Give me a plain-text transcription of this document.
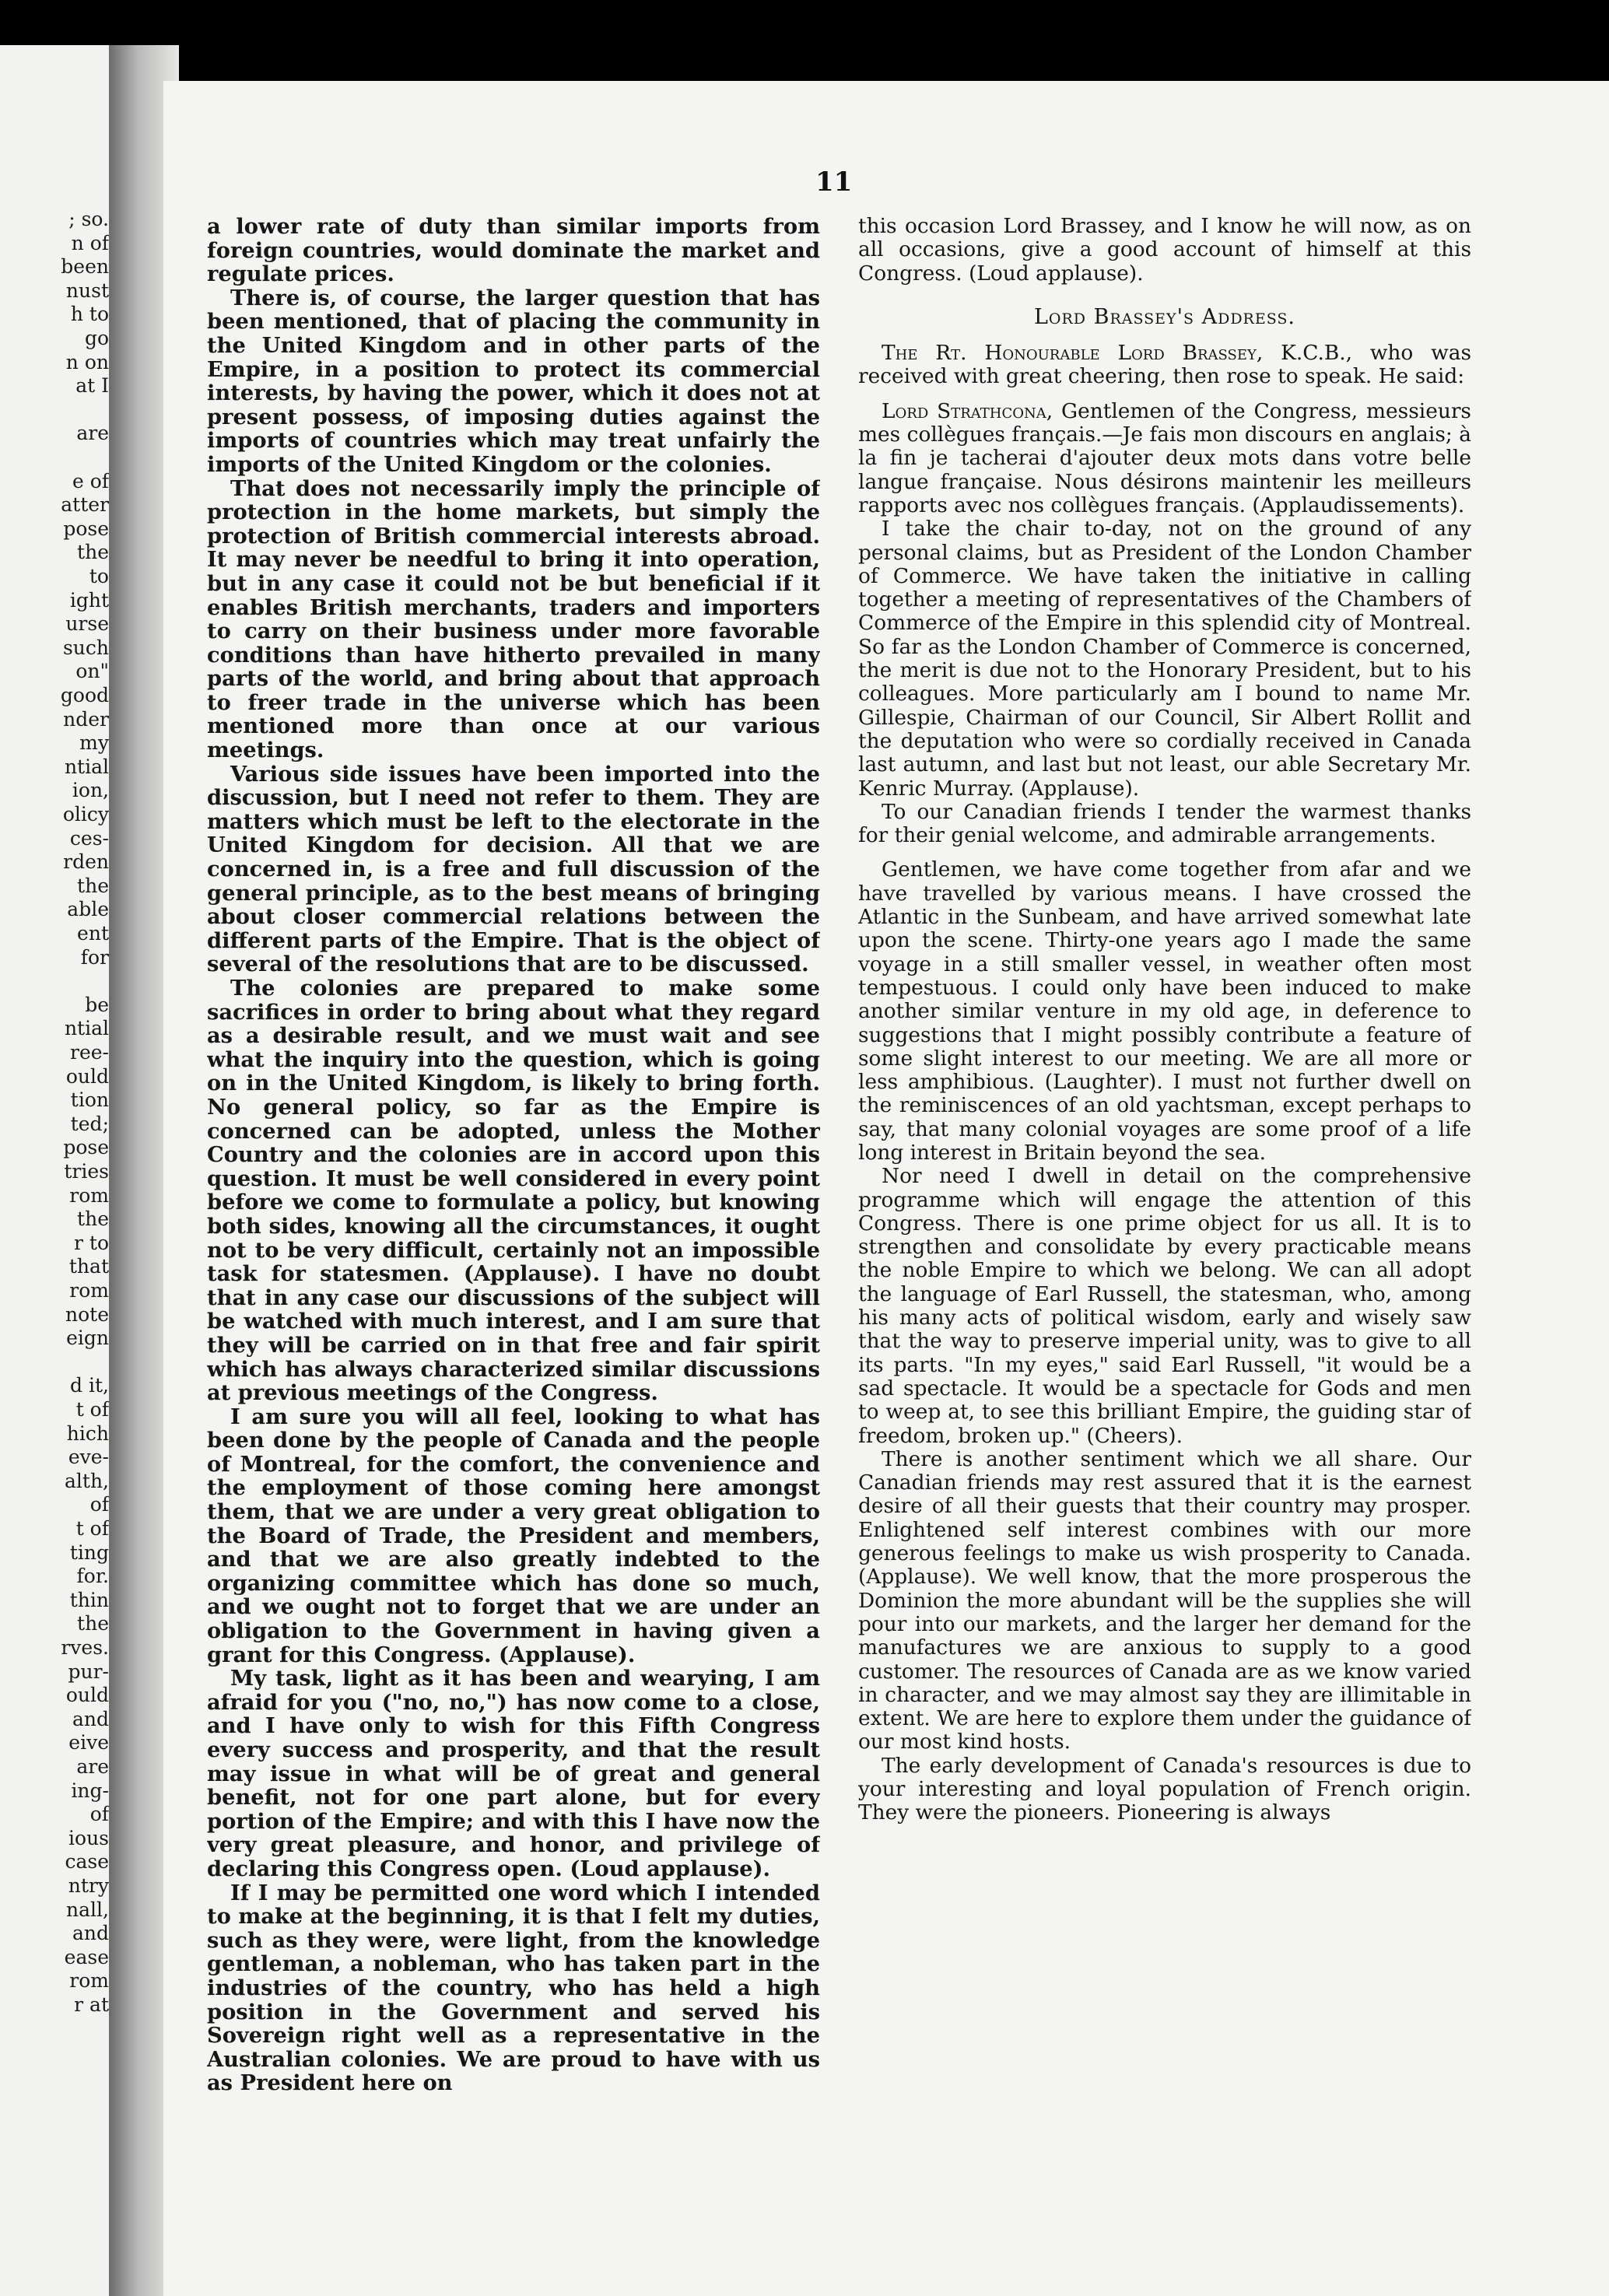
; so.
n of
been
nust
h to
go
n on
at I
are
e of
atter
pose
the
to
ight
urse
such
on"
good
nder
my
ntial
ion,
olicy
ces-
rden
the
able
ent
for
be
ntial
ree-
ould
tion
ted;
pose
tries
rom
the
r to
that
rom
note
eign
d it,
t of
hich
eve-
alth,
of
t of
ting
for.
thin
the
rves.
pur-
ould
and
eive
are
ing-
of
ious
case
ntry
nall,
and
ease
rom
r at
11

a lower rate of duty than similar imports from foreign countries, would dominate the market and regulate prices.

There is, of course, the larger question that has been mentioned, that of placing the community in the United Kingdom and in other parts of the Empire, in a position to protect its commercial interests, by having the power, which it does not at present possess, of imposing duties against the imports of countries which may treat unfairly the imports of the United Kingdom or the colonies.

That does not necessarily imply the principle of protection in the home markets, but simply the protection of British commercial interests abroad. It may never be needful to bring it into operation, but in any case it could not be but beneficial if it enables British merchants, traders and importers to carry on their business under more favorable conditions than have hitherto prevailed in many parts of the world, and bring about that approach to freer trade in the universe which has been mentioned more than once at our various meetings.

Various side issues have been imported into the discussion, but I need not refer to them. They are matters which must be left to the electorate in the United Kingdom for decision. All that we are concerned in, is a free and full discussion of the general principle, as to the best means of bringing about closer commercial relations between the different parts of the Empire. That is the object of several of the resolutions that are to be discussed.

The colonies are prepared to make some sacrifices in order to bring about what they regard as a desirable result, and we must wait and see what the inquiry into the question, which is going on in the United Kingdom, is likely to bring forth. No general policy, so far as the Empire is concerned can be adopted, unless the Mother Country and the colonies are in accord upon this question. It must be well considered in every point before we come to formulate a policy, but knowing both sides, knowing all the circumstances, it ought not to be very difficult, certainly not an impossible task for statesmen. (Applause). I have no doubt that in any case our discussions of the subject will be watched with much interest, and I am sure that they will be carried on in that free and fair spirit which has always characterized similar discussions at previous meetings of the Congress.

I am sure you will all feel, looking to what has been done by the people of Canada and the people of Montreal, for the comfort, the convenience and the employment of those coming here amongst them, that we are under a very great obligation to the Board of Trade, the President and members, and that we are also greatly indebted to the organizing committee which has done so much, and we ought not to forget that we are under an obligation to the Government in having given a grant for this Congress. (Applause).

My task, light as it has been and wearying, I am afraid for you ("no, no,") has now come to a close, and I have only to wish for this Fifth Congress every success and prosperity, and that the result may issue in what will be of great and general benefit, not for one part alone, but for every portion of the Empire; and with this I have now the very great pleasure, and honor, and privilege of declaring this Congress open. (Loud applause).

If I may be permitted one word which I intended to make at the beginning, it is that I felt my duties, such as they were, were light, from the knowledge gentleman, a nobleman, who has taken part in the industries of the country, who has held a high position in the Government and served his Sovereign right well as a representative in the Australian colonies. We are proud to have with us as President here on

this occasion Lord Brassey, and I know he will now, as on all occasions, give a good account of himself at this Congress. (Loud applause).

Lord Brassey's Address.

The Rt. Honourable Lord Brassey, K.C.B., who was received with great cheering, then rose to speak. He said:

Lord Strathcona, Gentlemen of the Congress, messieurs mes collègues français.—Je fais mon discours en anglais; à la fin je tacherai d'ajouter deux mots dans votre belle langue française. Nous désirons maintenir les meilleurs rapports avec nos collègues français. (Applaudissements).

I take the chair to-day, not on the ground of any personal claims, but as President of the London Chamber of Commerce. We have taken the initiative in calling together a meeting of representatives of the Chambers of Commerce of the Empire in this splendid city of Montreal. So far as the London Chamber of Commerce is concerned, the merit is due not to the Honorary President, but to his colleagues. More particularly am I bound to name Mr. Gillespie, Chairman of our Council, Sir Albert Rollit and the deputation who were so cordially received in Canada last autumn, and last but not least, our able Secretary Mr. Kenric Murray. (Applause).

To our Canadian friends I tender the warmest thanks for their genial welcome, and admirable arrangements.

Gentlemen, we have come together from afar and we have travelled by various means. I have crossed the Atlantic in the Sunbeam, and have arrived somewhat late upon the scene. Thirty-one years ago I made the same voyage in a still smaller vessel, in weather often most tempestuous. I could only have been induced to make another similar venture in my old age, in deference to suggestions that I might possibly contribute a feature of some slight interest to our meeting. We are all more or less amphibious. (Laughter). I must not further dwell on the reminiscences of an old yachtsman, except perhaps to say, that many colonial voyages are some proof of a life long interest in Britain beyond the sea.

Nor need I dwell in detail on the comprehensive programme which will engage the attention of this Congress. There is one prime object for us all. It is to strengthen and consolidate by every practicable means the noble Empire to which we belong. We can all adopt the language of Earl Russell, the statesman, who, among his many acts of political wisdom, early and wisely saw that the way to preserve imperial unity, was to give to all its parts. "In my eyes," said Earl Russell, "it would be a sad spectacle. It would be a spectacle for Gods and men to weep at, to see this brilliant Empire, the guiding star of freedom, broken up." (Cheers).

There is another sentiment which we all share. Our Canadian friends may rest assured that it is the earnest desire of all their guests that their country may prosper. Enlightened self interest combines with our more generous feelings to make us wish prosperity to Canada. (Applause). We well know, that the more prosperous the Dominion the more abundant will be the supplies she will pour into our markets, and the larger her demand for the manufactures we are anxious to supply to a good customer. The resources of Canada are as we know varied in character, and we may almost say they are illimitable in extent. We are here to explore them under the guidance of our most kind hosts.

The early development of Canada's resources is due to your interesting and loyal population of French origin. They were the pioneers. Pioneering is always
